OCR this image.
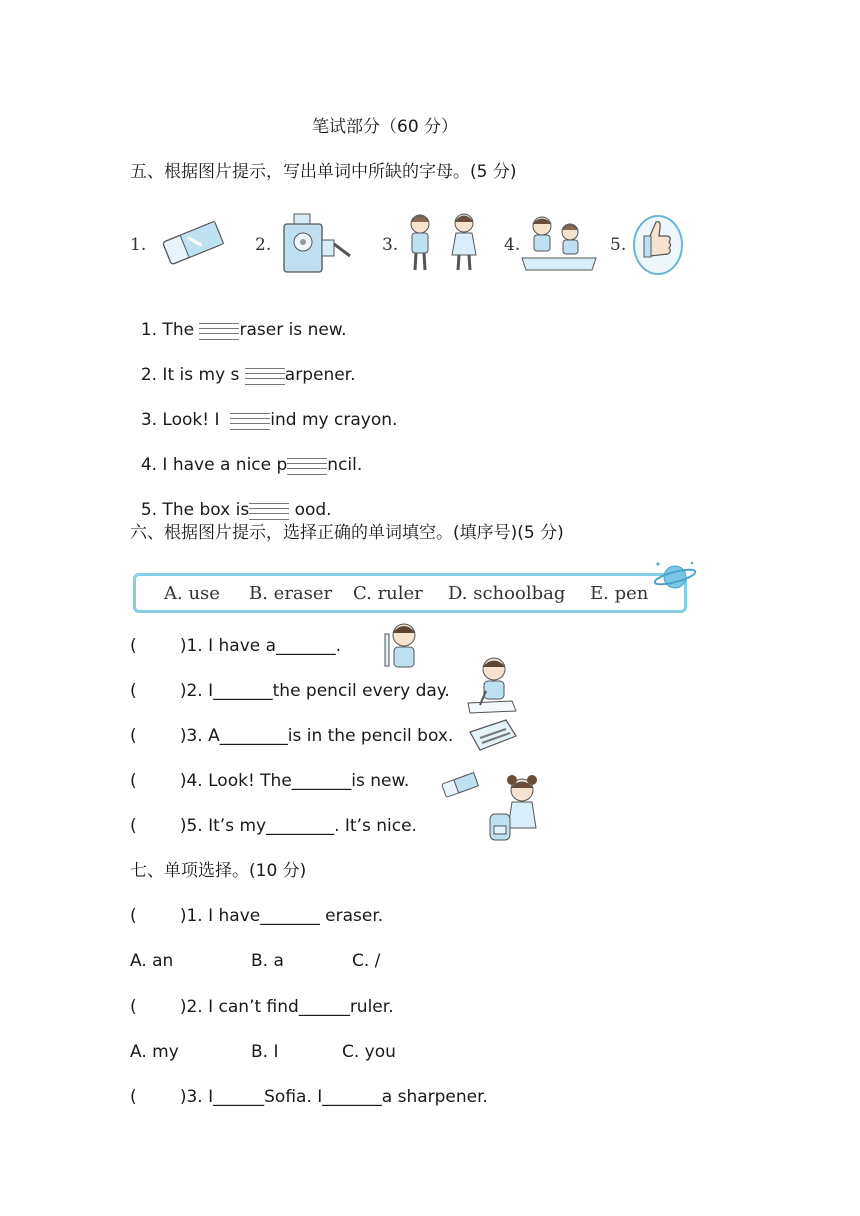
笔试部分（60 分）
五、根据图片提示，写出单词中所缺的字母。(5 分)
1.	2.	3.	4.	5.

1. The raser is new.

2. It is my s arpener.

3. Look! I  ind my crayon.

4. I have a nice p ncil.

5. The box is ood.

六、根据图片提示，选择正确的单词填空。(填序号)(5 分)
A. use B. eraser C. ruler D. schoolbag E. pen
(        )1. I have a_______.
(        )2. I_______the pencil every day.
(        )3. A________is in the pencil box.
(        )4. Look! The_______is new.
(        )5. It’s my________. It’s nice.
七、单项选择。(10 分)
(        )1. I have_______ eraser.
A. an	B. a	C. /
(        )2. I can’t find______ruler.
A. my	B. I	C. you
(        )3. I______Sofia. I_______a sharpener.
